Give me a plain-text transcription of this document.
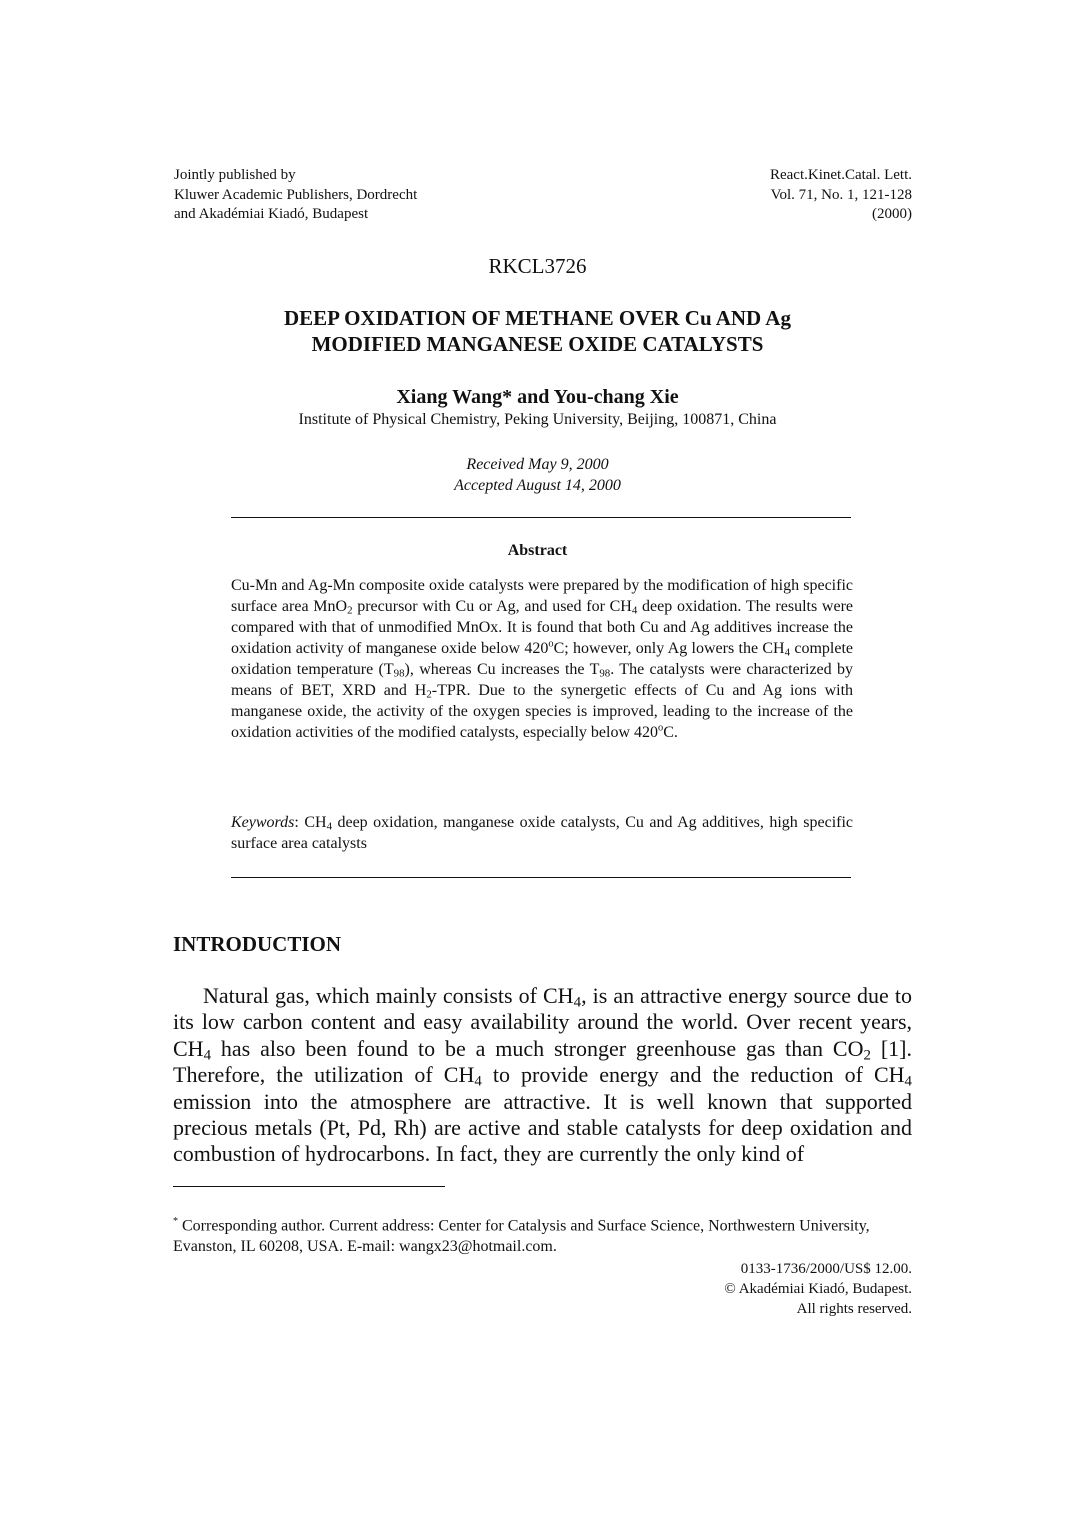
Jointly published by
Kluwer Academic Publishers, Dordrecht
and Akadémiai Kiadó, Budapest
React.Kinet.Catal. Lett.
Vol. 71, No. 1, 121-128
(2000)
RKCL3726
DEEP OXIDATION OF METHANE OVER Cu AND Ag
MODIFIED MANGANESE OXIDE CATALYSTS
Xiang Wang* and You-chang Xie
Institute of Physical Chemistry, Peking University, Beijing, 100871, China
Received May 9, 2000
Accepted August 14, 2000
Abstract
Cu-Mn and Ag-Mn composite oxide catalysts were prepared by the modification of high specific surface area MnO$_2$ precursor with Cu or Ag, and used for $CH_4$ deep oxidation. The results were compared with that of unmodified MnOx. It is found that both Cu and Ag additives increase the oxidation activity of manganese oxide below 420$^o$C; however, only Ag lowers the $CH_4$ complete oxidation temperature $(T_{98})$, whereas Cu increases the $T_{98}$. The catalysts were characterized by means of BET, XRD and $H_2$-TPR. Due to the synergetic effects of Cu and Ag ions with manganese oxide, the activity of the oxygen species is improved, leading to the increase of the oxidation activities of the modified catalysts, especially below 420$^o$C.
Keywords: $CH_4$ deep oxidation, manganese oxide catalysts, Cu and Ag additives, high specific surface area catalysts
INTRODUCTION
Natural gas, which mainly consists of $CH_4$, is an attractive energy source due to its low carbon content and easy availability around the world. Over recent years, $CH_4$ has also been found to be a much stronger greenhouse gas than $CO_2$ [1]. Therefore, the utilization of $CH_4$ to provide energy and the reduction of $CH_4$ emission into the atmosphere are attractive. It is well known that supported precious metals (Pt, Pd, Rh) are active and stable catalysts for deep oxidation and combustion of hydrocarbons. In fact, they are currently the only kind of
* Corresponding author. Current address: Center for Catalysis and Surface Science, Northwestern University, Evanston, IL 60208, USA. E-mail: wangx23@hotmail.com.
0133-1736/2000/US$ 12.00.
© Akadémiai Kiadó, Budapest.
All rights reserved.
